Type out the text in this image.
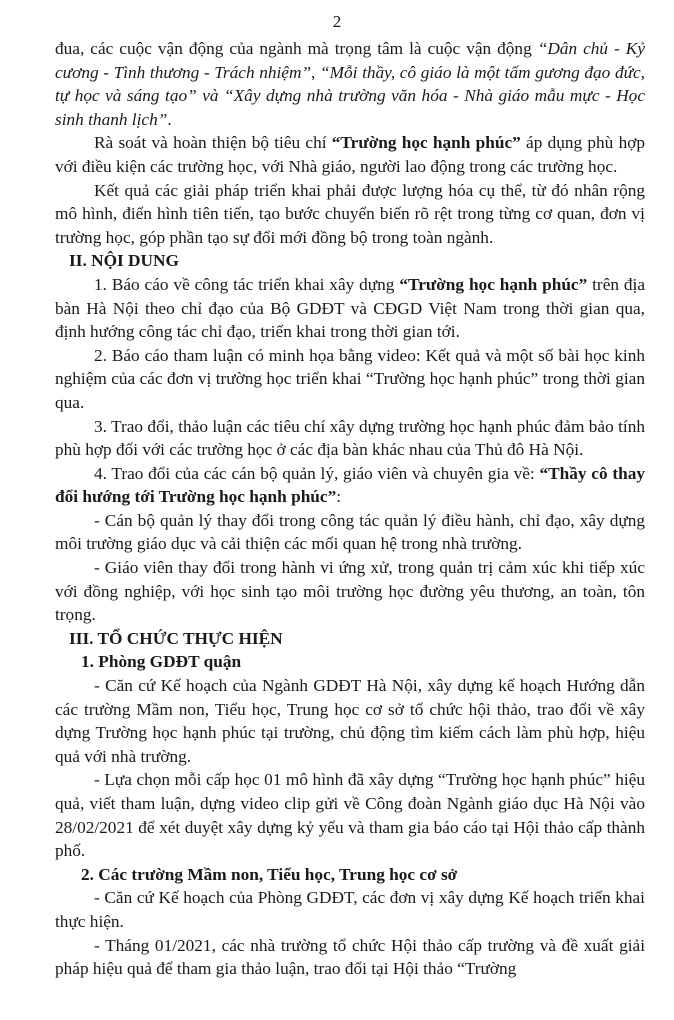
2

đua, các cuộc vận động của ngành mà trọng tâm là cuộc vận động “Dân chủ - Kỷ cương - Tình thương - Trách nhiệm”, “Mỗi thầy, cô giáo là một tấm gương đạo đức, tự học và sáng tạo” và “Xây dựng nhà trường văn hóa - Nhà giáo mẫu mực - Học sinh thanh lịch”.

Rà soát và hoàn thiện bộ tiêu chí “Trường học hạnh phúc” áp dụng phù hợp với điều kiện các trường học, với Nhà giáo, người lao động trong các trường học.

Kết quả các giải pháp triển khai phải được lượng hóa cụ thể, từ đó nhân rộng mô hình, điển hình tiên tiến, tạo bước chuyển biến rõ rệt trong từng cơ quan, đơn vị trường học, góp phần tạo sự đổi mới đồng bộ trong toàn ngành.

II. NỘI DUNG

1. Báo cáo về công tác triển khai xây dựng “Trường học hạnh phúc” trên địa bàn Hà Nội theo chỉ đạo của Bộ GDĐT và CĐGD Việt Nam trong thời gian qua, định hướng công tác chỉ đạo, triển khai trong thời gian tới.

2. Báo cáo tham luận có minh họa bằng video: Kết quả và một số bài học kinh nghiệm của các đơn vị trường học triển khai “Trường học hạnh phúc” trong thời gian qua.

3. Trao đổi, thảo luận các tiêu chí xây dựng trường học hạnh phúc đảm bảo tính phù hợp đối với các trường học ở các địa bàn khác nhau của Thủ đô Hà Nội.

4. Trao đổi của các cán bộ quản lý, giáo viên và chuyên gia về: “Thầy cô thay đổi hướng tới Trường học hạnh phúc”:

- Cán bộ quản lý thay đổi trong công tác quản lý điều hành, chỉ đạo, xây dựng môi trường giáo dục và cải thiện các mối quan hệ trong nhà trường.

- Giáo viên thay đổi trong hành vi ứng xử, trong quản trị cảm xúc khi tiếp xúc với đồng nghiệp, với học sinh tạo môi trường học đường yêu thương, an toàn, tôn trọng.

III. TỔ CHỨC THỰC HIỆN

1. Phòng GDĐT quận

- Căn cứ Kế hoạch của Ngành GDĐT Hà Nội, xây dựng kế hoạch Hướng dẫn các trường Mầm non, Tiểu học, Trung học cơ sở tổ chức hội thảo, trao đổi về xây dựng Trường học hạnh phúc tại trường, chủ động tìm kiếm cách làm phù hợp, hiệu quả với nhà trường.

- Lựa chọn mỗi cấp học 01 mô hình đã xây dựng “Trường học hạnh phúc” hiệu quả, viết tham luận, dựng video clip gửi về Công đoàn Ngành giáo dục Hà Nội vào 28/02/2021 để xét duyệt xây dựng kỷ yếu và tham gia báo cáo tại Hội thảo cấp thành phố.

2. Các trường Mầm non, Tiểu học, Trung học cơ sở

- Căn cứ Kế hoạch của Phòng GDĐT, các đơn vị xây dựng Kế hoạch triển khai thực hiện.

- Tháng 01/2021, các nhà trường tổ chức Hội thảo cấp trường và đề xuất giải pháp hiệu quả để tham gia thảo luận, trao đổi tại Hội thảo “Trường
